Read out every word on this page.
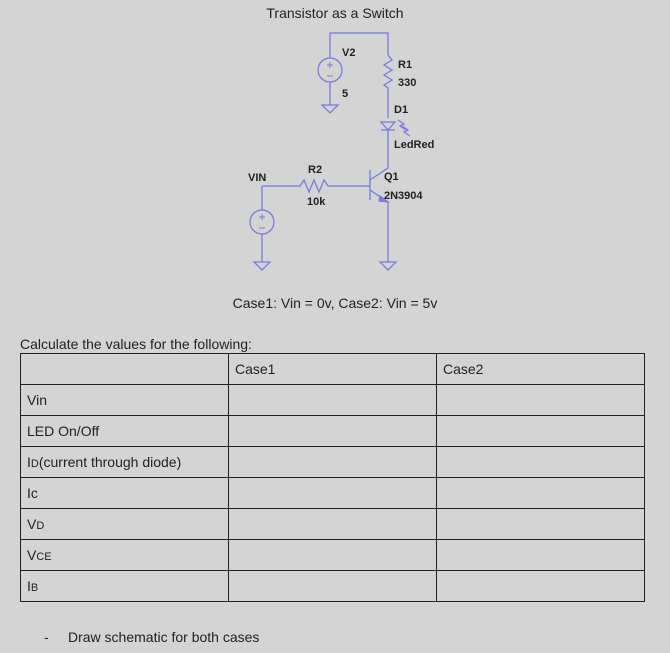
Transistor as a Switch
V2
5
R1
330
D1
LedRed
Q1
2N3904
R2
10k
VIN
Case1: Vin = 0v, Case2: Vin = 5v
Calculate the values for the following:
	Case1	Case2
Vin		
LED On/Off		
ID(current through diode)		
Ic		
VD		
VCE		
IB		
- Draw schematic for both cases
